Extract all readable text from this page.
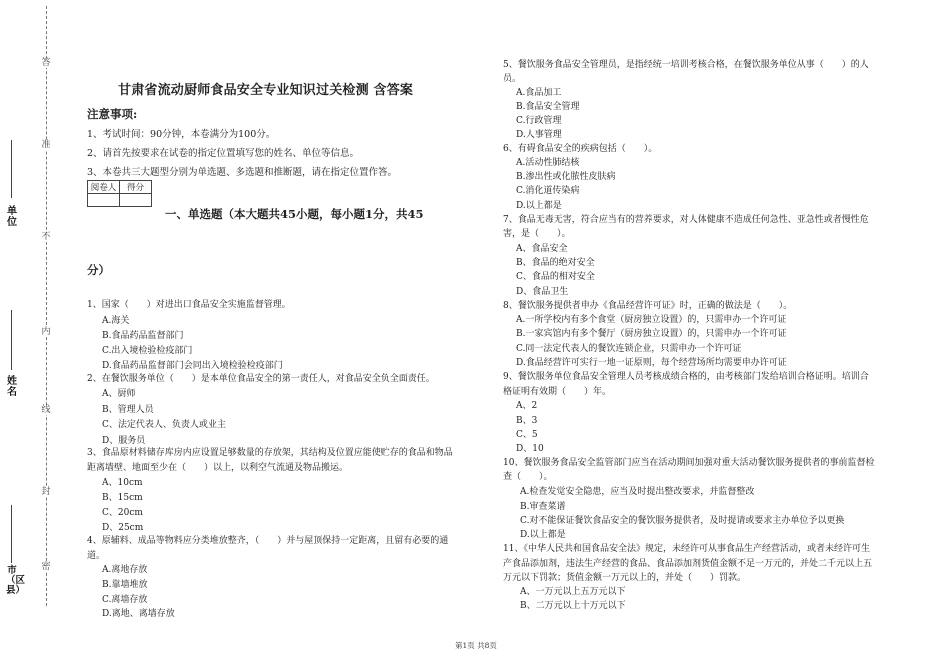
答
准
不
内
线
封
密
单位
姓名
市（区县）
甘肃省流动厨师食品安全专业知识过关检测 含答案
注意事项:
1、考试时间：90分钟，本卷满分为100分。
2、请首先按要求在试卷的指定位置填写您的姓名、单位等信息。
3、本卷共三大题型分别为单选题、多选题和推断题，请在指定位置作答。
阅卷人	得分

一、单选题（本大题共45小题，每小题1分，共45
分）
1、国家（　　）对进出口食品安全实施监督管理。
A.海关
B.食品药品监督部门
C.出入境检验检疫部门
D.食品药品监督部门会同出入境检验检疫部门
2、在餐饮服务单位（　　）是本单位食品安全的第一责任人，对食品安全负全面责任。
A、厨师
B、管理人员
C、法定代表人、负责人或业主
D、服务员
3、食品原材料储存库房内应设置足够数量的存放架，其结构及位置应能使贮存的食品和物品
距离墙壁、地面至少在（　　）以上，以利空气流通及物品搬运。
A、10cm
B、15cm
C、20cm
D、25cm
4、原辅料、成品等物料应分类堆放整齐，（　　）并与屋顶保持一定距离，且留有必要的通
道。
A.离地存放
B.靠墙堆放
C.离墙存放
D.离地、离墙存放
5、餐饮服务食品安全管理员，是指经统一培训考核合格，在餐饮服务单位从事（　　）的人
员。
A.食品加工
B.食品安全管理
C.行政管理
D.人事管理
6、有碍食品安全的疾病包括（　　）。
A.活动性肺结核
B.渗出性或化脓性皮肤病
C.消化道传染病
D.以上都是
7、食品无毒无害，符合应当有的营养要求，对人体健康不造成任何急性、亚急性或者慢性危
害，是（　　）。
A、食品安全
B、食品的绝对安全
C、食品的相对安全
D、食品卫生
8、餐饮服务提供者申办《食品经营许可证》时，正确的做法是（　　）。
A.一所学校内有多个食堂（厨房独立设置）的，只需申办一个许可证
B.一家宾馆内有多个餐厅（厨房独立设置）的，只需申办一个许可证
C.同一法定代表人的餐饮连锁企业，只需申办一个许可证
D.食品经营许可实行一地一证原则，每个经营场所均需要申办许可证
9、餐饮服务单位食品安全管理人员考核成绩合格的，由考核部门发给培训合格证明。培训合
格证明有效期（　　）年。
A、2
B、3
C、5
D、10
10、餐饮服务食品安全监管部门应当在活动期间加强对重大活动餐饮服务提供者的事前监督检
查（　　）。
A.检查发觉安全隐患，应当及时提出整改要求，并监督整改
B.审查菜谱
C.对不能保证餐饮食品安全的餐饮服务提供者，及时提请或要求主办单位予以更换
D.以上都是
11、《中华人民共和国食品安全法》规定，未经许可从事食品生产经营活动，或者未经许可生
产食品添加剂，违法生产经营的食品、食品添加剂货值金额不足一万元的，并处二千元以上五
万元以下罚款；货值金额一万元以上的，并处（　　）罚款。
A、一万元以上五万元以下
B、二万元以上十万元以下
第1页 共8页
